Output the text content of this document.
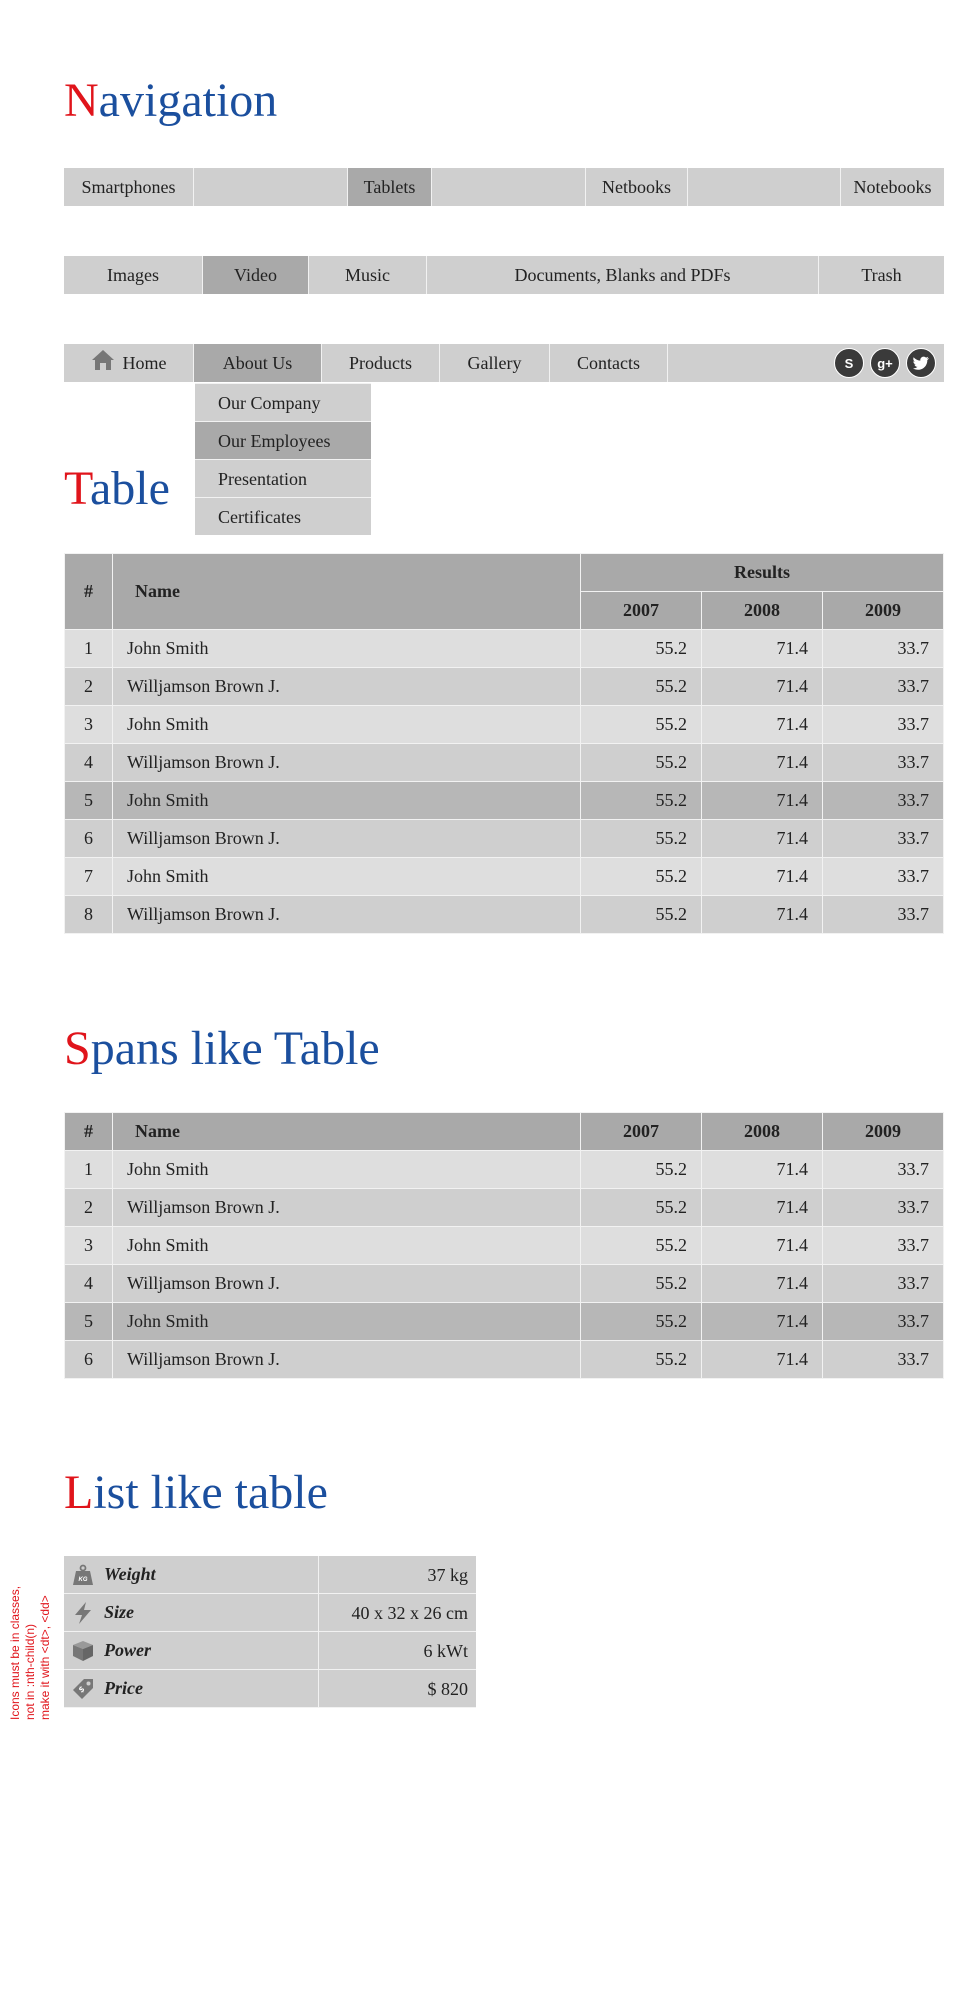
Navigation
Smartphones	Tablets	Netbooks	Notebooks
Images	Video	Music	Documents, Blanks and PDFs	Trash
Home	About Us	Products	Gallery	Contacts	S	g+
Our Company
Our Employees
Presentation
Certificates
Table
#	Name	Results		
		2007	2008	2009
1	John Smith	55.2	71.4	33.7
2	Willjamson Brown J.	55.2	71.4	33.7
3	John Smith	55.2	71.4	33.7
4	Willjamson Brown J.	55.2	71.4	33.7
5	John Smith	55.2	71.4	33.7
6	Willjamson Brown J.	55.2	71.4	33.7
7	John Smith	55.2	71.4	33.7
8	Willjamson Brown J.	55.2	71.4	33.7
Spans like Table
#	Name	2007	2008	2009
1	John Smith	55.2	71.4	33.7
2	Willjamson Brown J.	55.2	71.4	33.7
3	John Smith	55.2	71.4	33.7
4	Willjamson Brown J.	55.2	71.4	33.7
5	John Smith	55.2	71.4	33.7
6	Willjamson Brown J.	55.2	71.4	33.7
List like table
KG Weight	37 kg
Size	40 x 32 x 26 cm
Power	6 kWt
$ Price	$ 820
Icons must be in classes, not in :nth-child(n) make it with <dt>, <dd>
